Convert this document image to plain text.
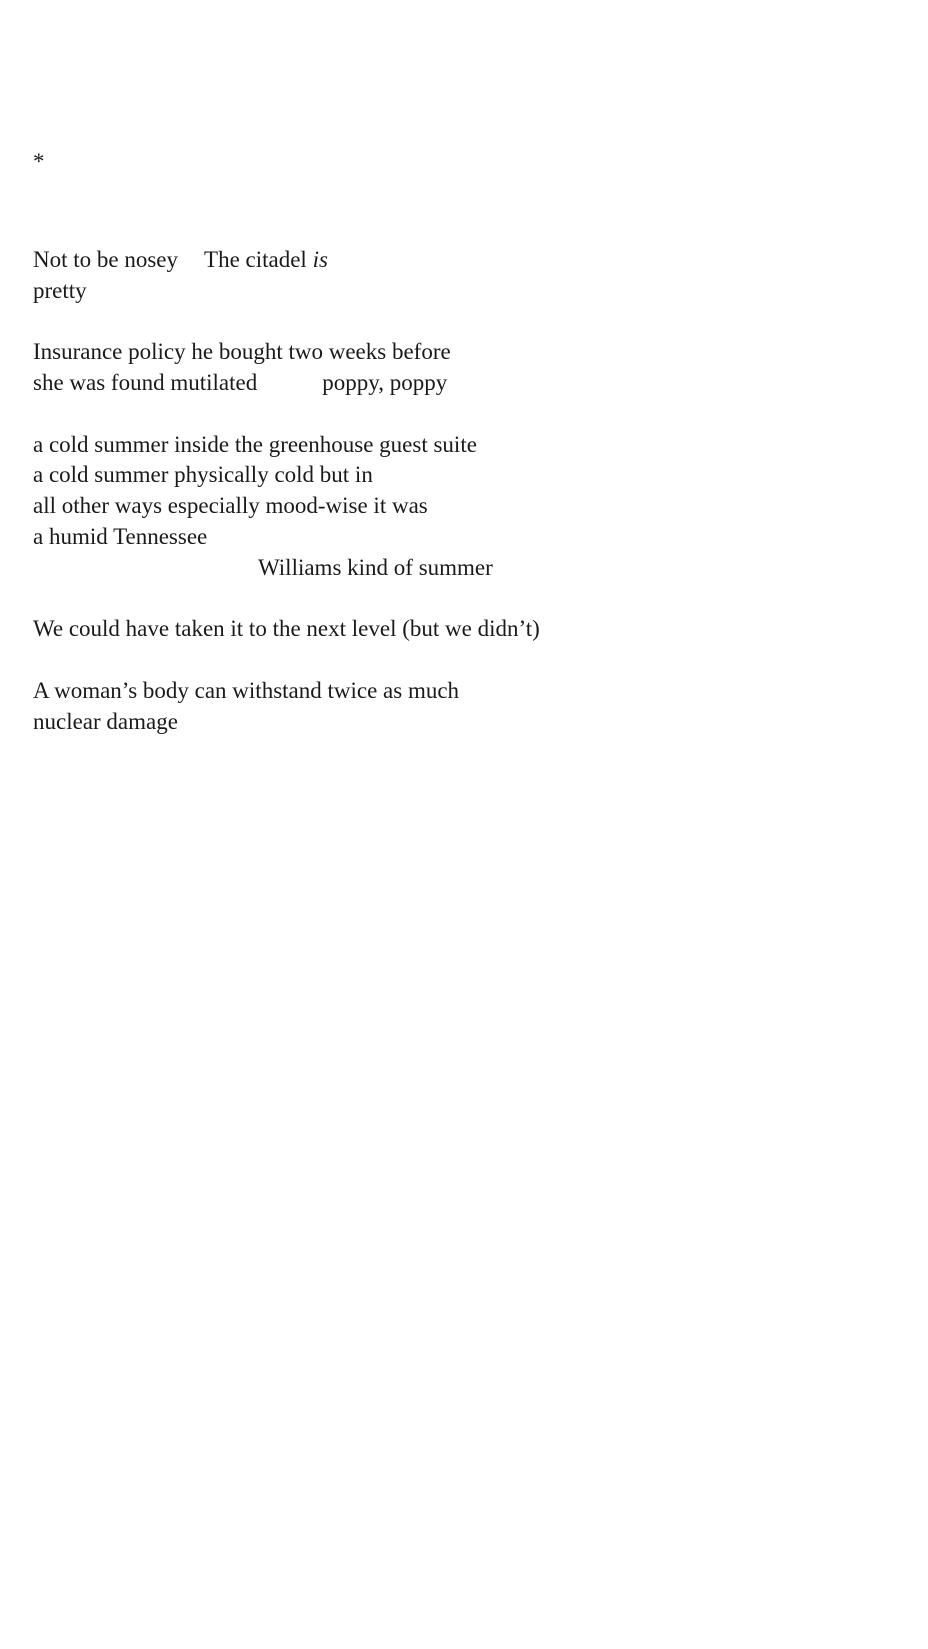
*
Not to be nosey The citadel is
pretty
Insurance policy he bought two weeks before
she was found mutilated	poppy, poppy
a cold summer inside the greenhouse guest suite
a cold summer physically cold but in
all other ways especially mood-wise it was
a humid Tennessee
Williams kind of summer
We could have taken it to the next level (but we didn’t)
A woman’s body can withstand twice as much
nuclear damage
